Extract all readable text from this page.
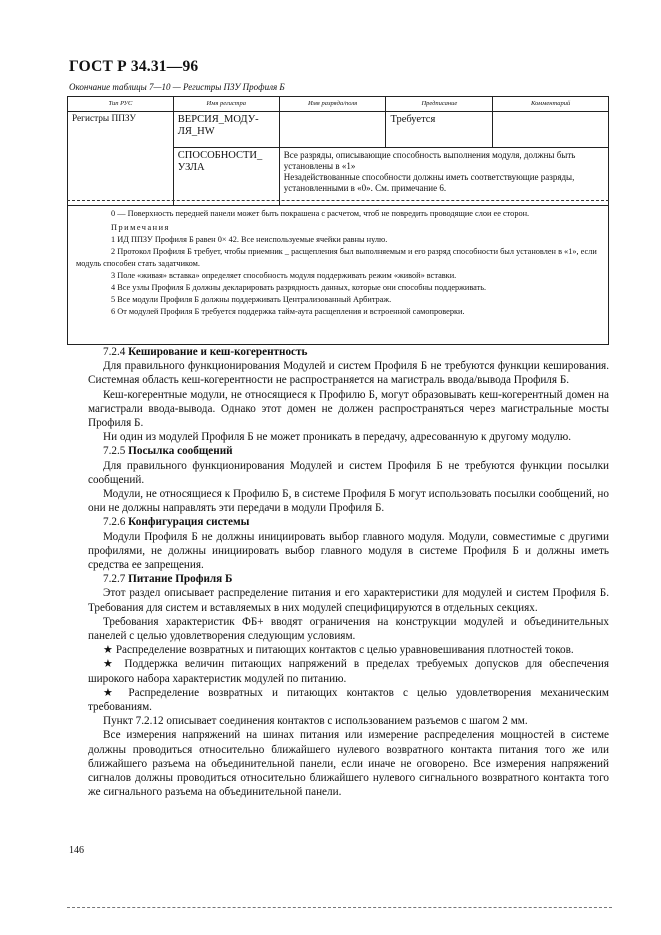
ГОСТ Р 34.31—96
Окончание таблицы 7—10 — Регистры ПЗУ Профиля Б
Тип РУС	Имя регистра	Имя разряда/поля	Предписание	Комментарий
Регистры ППЗУ	ВЕРСИЯ_МОДУ-ЛЯ_HW		Требуется	
	СПОСОБНОСТИ_ УЗЛА	Все разряды, описывающие способность выполнения модуля, должны быть установлены в «1»
Незадействованные способности должны иметь соответствующие разряды, установленными в «0». См. примечание 6.		

0 — Поверхность передней панели может быть покрашена с расчетом, чтоб не повредить проводящие слои ее сторон.

Примечания

1 ИД ППЗУ Профиля Б равен 0× 42. Все неиспользуемые ячейки равны нулю.

2 Протокол Профиля Б требует, чтобы приемник _ расщепления был выполняемым и его разряд способности был установлен в «1», если модуль способен стать задатчиком.

3 Поле «живая» вставка» определяет способность модуля поддерживать режим «живой» вставки.

4 Все узлы Профиля Б должны декларировать разрядность данных, которые они способны поддерживать.

5 Все модули Профиля Б должны поддерживать Централизованный Арбитраж.

6 От модулей Профиля Б требуется поддержка тайм-аута расщепления и встроенной самопроверки.

7.2.4 Кеширование и кеш-когерентность

Для правильного функционирования Модулей и систем Профиля Б не требуются функции кеширования. Системная область кеш-когерентности не распространяется на магистраль ввода/вывода Профиля Б.

Кеш-когерентные модули, не относящиеся к Профилю Б, могут образовывать кеш-когерентный домен на магистрали ввода-вывода. Однако этот домен не должен распространяться через магистральные мосты Профиля Б.

Ни один из модулей Профиля Б не может проникать в передачу, адресованную к другому модулю.

7.2.5 Посылка сообщений

Для правильного функционирования Модулей и систем Профиля Б не требуются функции посылки сообщений.

Модули, не относящиеся к Профилю Б, в системе Профиля Б могут использовать посылки сообщений, но они не должны направлять эти передачи в модули Профиля Б.

7.2.6 Конфигурация системы

Модули Профиля Б не должны инициировать выбор главного модуля. Модули, совместимые с другими профилями, не должны инициировать выбор главного модуля в системе Профиля Б и должны иметь средства ее запрещения.

7.2.7 Питание Профиля Б

Этот раздел описывает распределение питания и его характеристики для модулей и систем Профиля Б. Требования для систем и вставляемых в них модулей специфицируются в отдельных секциях.

Требования характеристик ФБ+ вводят ограничения на конструкции модулей и объединительных панелей с целью удовлетворения следующим условиям.

★ Распределение возвратных и питающих контактов с целью уравновешивания плотностей токов.

★ Поддержка величин питающих напряжений в пределах требуемых допусков для обеспечения широкого набора характеристик модулей по питанию.

★ Распределение возвратных и питающих контактов с целью удовлетворения механическим требованиям.

Пункт 7.2.12 описывает соединения контактов с использованием разъемов с шагом 2 мм.

Все измерения напряжений на шинах питания или измерение распределения мощностей в системе должны проводиться относительно ближайшего нулевого возвратного контакта питания того же или ближайшего разъема на объединительной панели, если иначе не оговорено. Все измерения напряжений сигналов должны проводиться относительно ближайшего нулевого сигнального возвратного контакта того же сигнального разъема на объединительной панели.

146
